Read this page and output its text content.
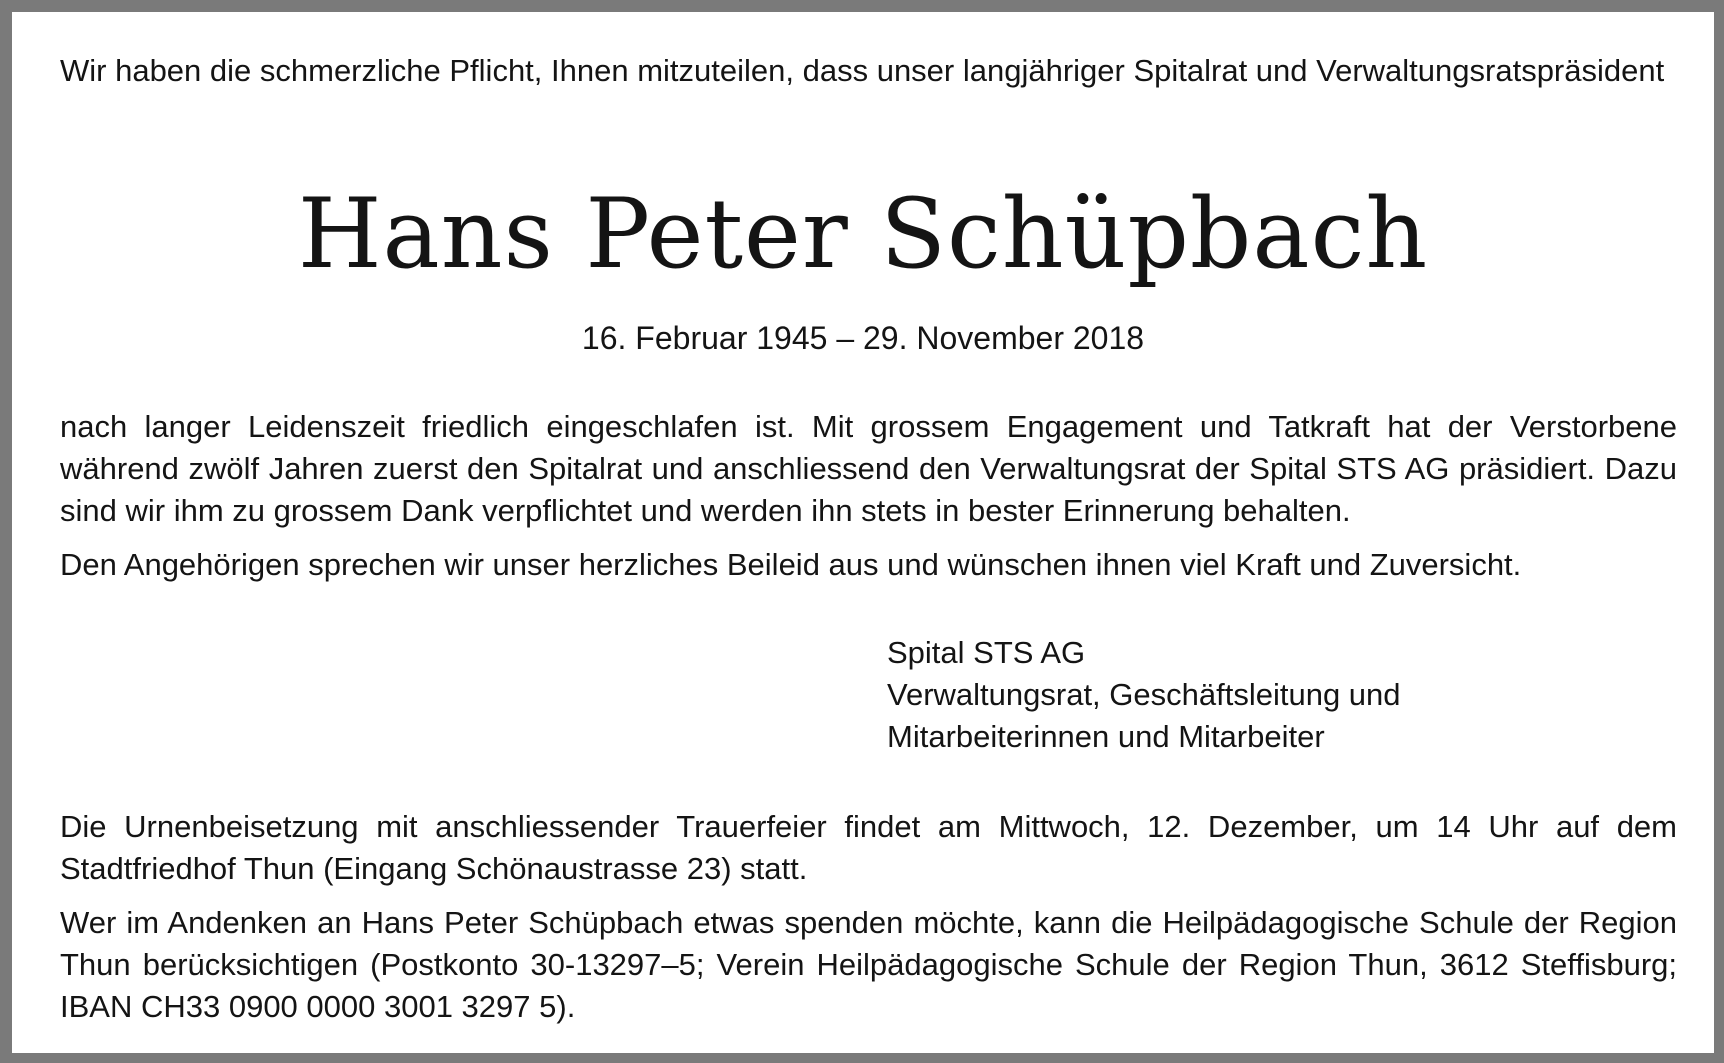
Wir haben die schmerzliche Pflicht, Ihnen mitzuteilen, dass unser langjähriger Spitalrat und Verwaltungsratspräsident

Hans Peter Schüpbach
16. Februar 1945 – 29. November 2018

nach langer Leidenszeit friedlich eingeschlafen ist. Mit grossem Engagement und Tatkraft hat der Verstorbene während zwölf Jahren zuerst den Spitalrat und anschliessend den Verwaltungsrat der Spital STS AG präsidiert. Dazu sind wir ihm zu grossem Dank verpflichtet und werden ihn stets in bester Erinnerung behalten.

Den Angehörigen sprechen wir unser herzliches Beileid aus und wünschen ihnen viel Kraft und Zuversicht.

Spital STS AG
Verwaltungsrat, Geschäftsleitung und
Mitarbeiterinnen und Mitarbeiter

Die Urnenbeisetzung mit anschliessender Trauerfeier findet am Mittwoch, 12. Dezember, um 14 Uhr auf dem Stadtfriedhof Thun (Eingang Schönaustrasse 23) statt.

Wer im Andenken an Hans Peter Schüpbach etwas spenden möchte, kann die Heilpädagogische Schule der Region Thun berücksichtigen (Postkonto 30-13297–5; Verein Heilpädagogische Schule der Region Thun, 3612 Steffisburg; IBAN CH33 0900 0000 3001 3297 5).
